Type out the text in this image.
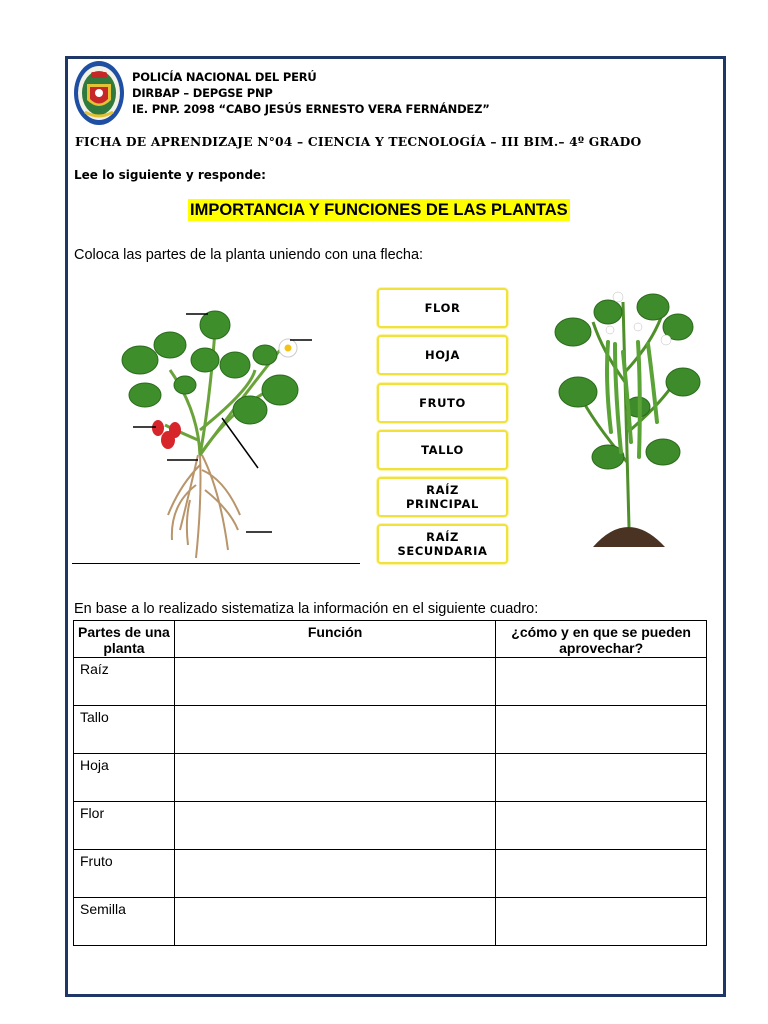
POLICÍA NACIONAL DEL PERÚ
DIRBAP – DEPGSE PNP
IE. PNP. 2098 “CABO JESÚS ERNESTO VERA FERNÁNDEZ”
FICHA DE APRENDIZAJE N°04 – CIENCIA Y TECNOLOGÍA – III BIM.– 4º GRADO
Lee lo siguiente y responde:
IMPORTANCIA Y FUNCIONES DE LAS PLANTAS
Coloca las partes de la planta uniendo con una flecha:
FLOR
HOJA
FRUTO
TALLO
RAÍZ PRINCIPAL
RAÍZ SECUNDARIA
En base a lo realizado sistematiza la información en el siguiente cuadro:
Partes de una planta	Función	¿cómo y en que se pueden aprovechar?
Raíz		
Tallo		
Hoja		
Flor		
Fruto		
Semilla		
